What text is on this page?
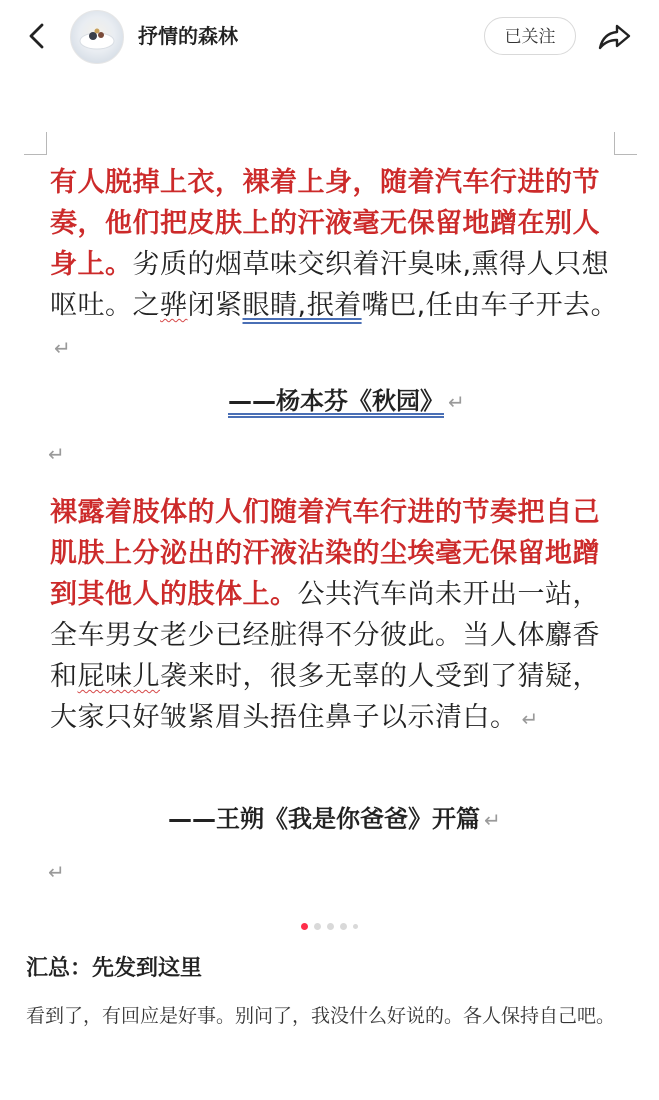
抒情的森林	已关注
有人脱掉上衣，裸着上身，随着汽车行进的节奏，他们把皮肤上的汗液毫无保留地蹭在别人身上。劣质的烟草味交织着汗臭味,熏得人只想呕吐。之骅闭紧眼睛,抿着嘴巴,任由车子开去。↵
——杨本芬《秋园》 ↵
↵
裸露着肢体的人们随着汽车行进的节奏把自己肌肤上分泌出的汗液沾染的尘埃毫无保留地蹭到其他人的肢体上。公共汽车尚未开出一站，全车男女老少已经脏得不分彼此。当人体麝香和屁味儿袭来时，很多无辜的人受到了猜疑，大家只好皱紧眉头捂住鼻子以示清白。 ↵
——王朔《我是你爸爸》开篇 ↵
↵
汇总：先发到这里
看到了，有回应是好事。别问了，我没什么好说的。各人保持自己吧。
